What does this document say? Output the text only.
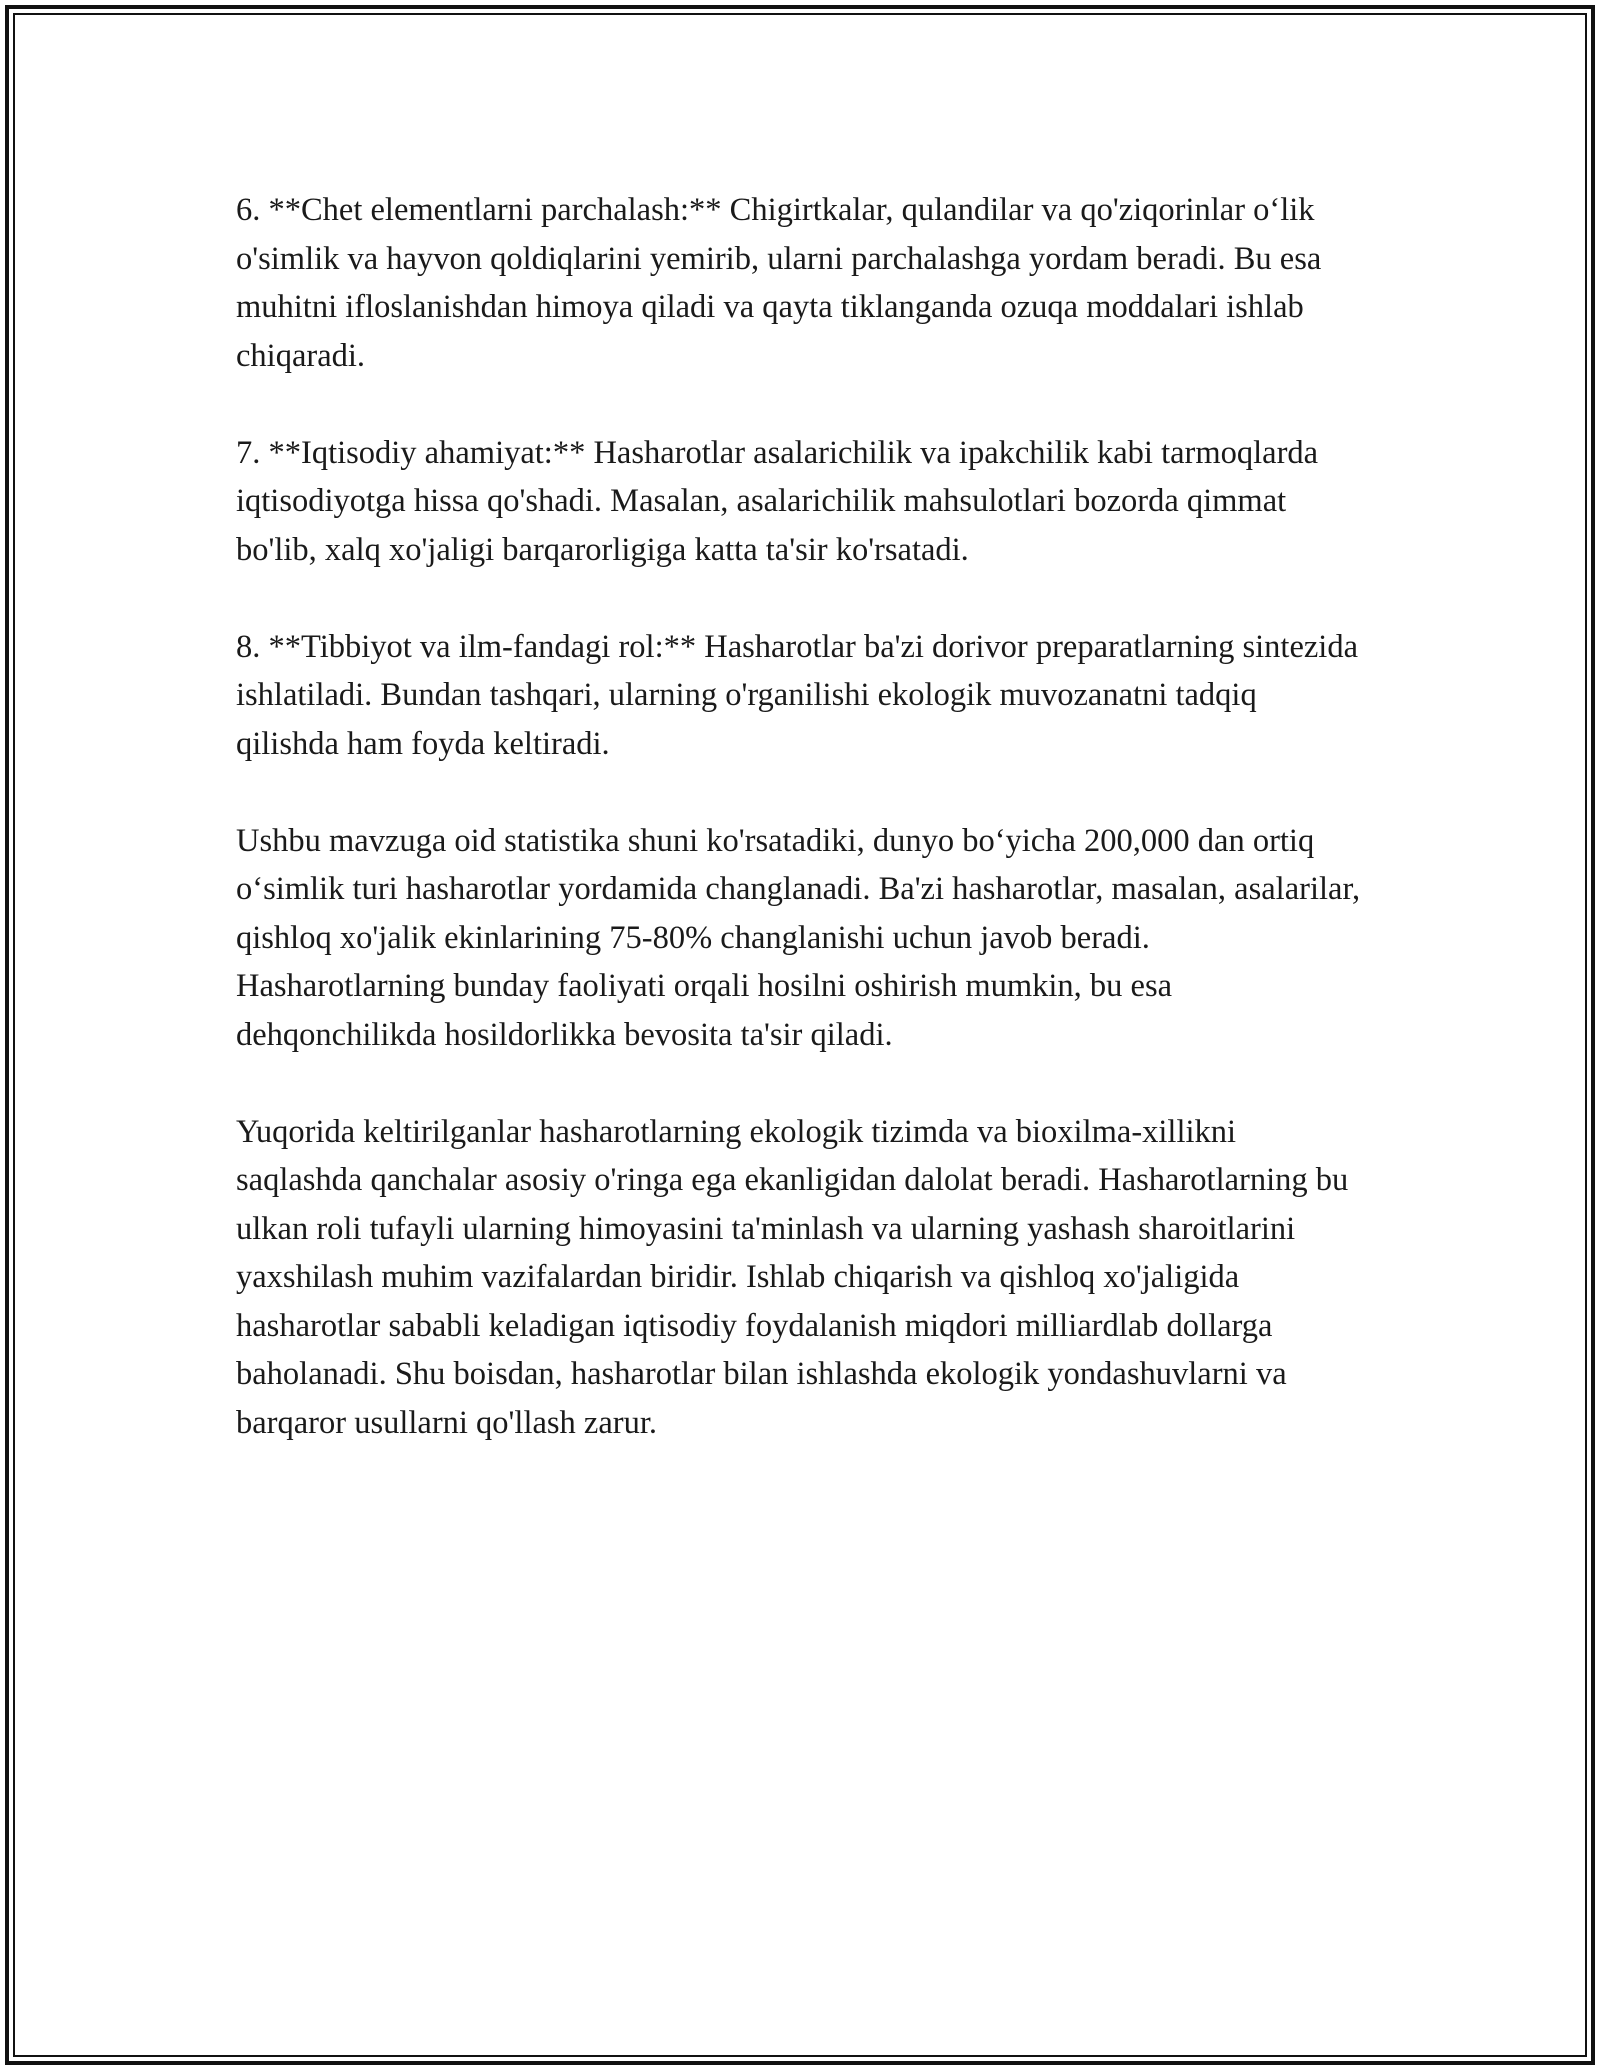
6. **Chet elementlarni parchalash:** Chigirtkalar, qulandilar va qo'ziqorinlar o‘lik o'simlik va hayvon qoldiqlarini yemirib, ularni parchalashga yordam beradi. Bu esa muhitni ifloslanishdan himoya qiladi va qayta tiklanganda ozuqa moddalari ishlab chiqaradi.

7. **Iqtisodiy ahamiyat:** Hasharotlar asalarichilik va ipakchilik kabi tarmoqlarda iqtisodiyotga hissa qo'shadi. Masalan, asalarichilik mahsulotlari bozorda qimmat bo'lib, xalq xo'jaligi barqarorligiga katta ta'sir ko'rsatadi.

8. **Tibbiyot va ilm-fandagi rol:** Hasharotlar ba'zi dorivor preparatlarning sintezida ishlatiladi. Bundan tashqari, ularning o'rganilishi ekologik muvozanatni tadqiq qilishda ham foyda keltiradi.

Ushbu mavzuga oid statistika shuni ko'rsatadiki, dunyo bo‘yicha 200,000 dan ortiq o‘simlik turi hasharotlar yordamida changlanadi. Ba'zi hasharotlar, masalan, asalarilar, qishloq xo'jalik ekinlarining 75-80% changlanishi uchun javob beradi. Hasharotlarning bunday faoliyati orqali hosilni oshirish mumkin, bu esa dehqonchilikda hosildorlikka bevosita ta'sir qiladi.

Yuqorida keltirilganlar hasharotlarning ekologik tizimda va bioxilma-xillikni saqlashda qanchalar asosiy o'ringa ega ekanligidan dalolat beradi. Hasharotlarning bu ulkan roli tufayli ularning himoyasini ta'minlash va ularning yashash sharoitlarini yaxshilash muhim vazifalardan biridir. Ishlab chiqarish va qishloq xo'jaligida hasharotlar sababli keladigan iqtisodiy foydalanish miqdori milliardlab dollarga baholanadi. Shu boisdan, hasharotlar bilan ishlashda ekologik yondashuvlarni va barqaror usullarni qo'llash zarur.
